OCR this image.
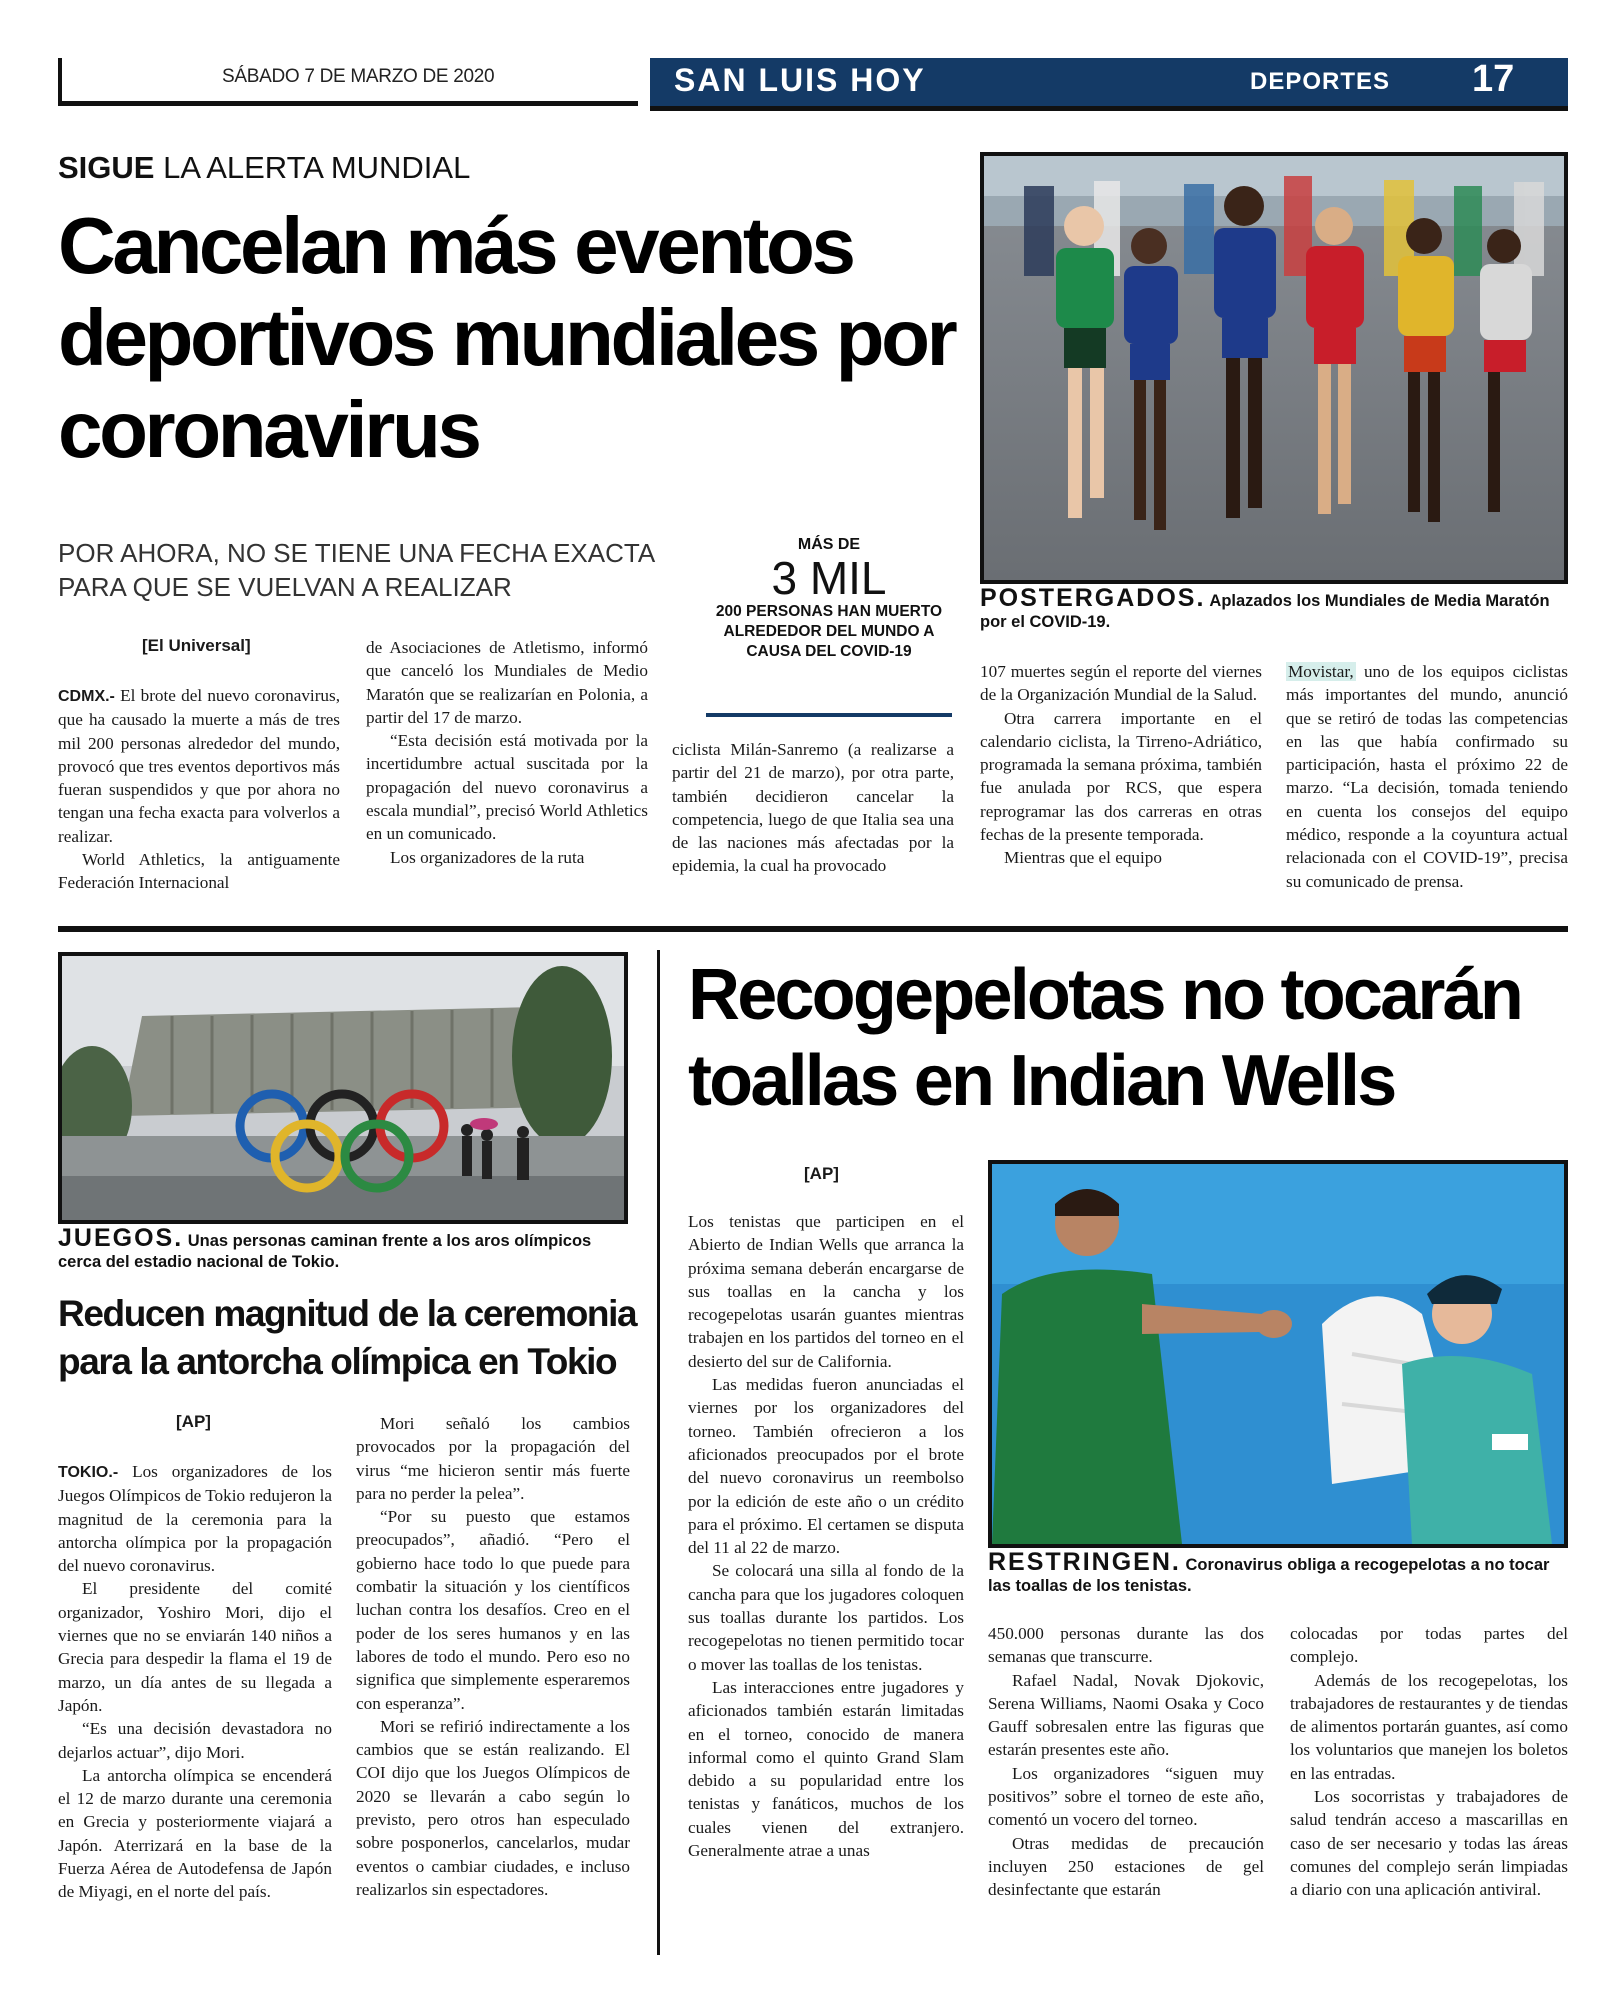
SÁBADO 7 DE MARZO DE 2020	SAN LUIS HOY	DEPORTES 17
SIGUE LA ALERTA MUNDIAL
Cancelan más eventos deportivos mundiales por coronavirus
POR AHORA, NO SE TIENE UNA FECHA EXACTA PARA QUE SE VUELVAN A REALIZAR
MÁS DE
3 MIL
200 PERSONAS HAN MUERTO ALREDEDOR DEL MUNDO A CAUSA DEL COVID-19
POSTERGADOS. Aplazados los Mundiales de Media Maratón por el COVID-19.
[El Universal]

CDMX.- El brote del nuevo coronavirus, que ha causado la muerte a más de tres mil 200 personas alrededor del mundo, provocó que tres eventos deportivos más fueran suspendidos y que por ahora no tengan una fecha exacta para volverlos a realizar.

World Athletics, la antiguamente Federación Internacional

de Asociaciones de Atletismo, informó que canceló los Mundiales de Medio Maratón que se realizarían en Polonia, a partir del 17 de marzo.

“Esta decisión está motivada por la incertidumbre actual suscitada por la propagación del nuevo coronavirus a escala mundial”, precisó World Athletics en un comunicado.

Los organizadores de la ruta

ciclista Milán-Sanremo (a realizarse a partir del 21 de marzo), por otra parte, también decidieron cancelar la competencia, luego de que Italia sea una de las naciones más afectadas por la epidemia, la cual ha provocado

107 muertes según el reporte del viernes de la Organización Mundial de la Salud.

Otra carrera importante en el calendario ciclista, la Tirreno-Adriático, programada la semana próxima, también fue anulada por RCS, que espera reprogramar las dos carreras en otras fechas de la presente temporada.

Mientras que el equipo

Movistar, uno de los equipos ciclistas más importantes del mundo, anunció que se retiró de todas las competencias en las que había confirmado su participación, hasta el próximo 22 de marzo. “La decisión, tomada teniendo en cuenta los consejos del equipo médico, responde a la coyuntura actual relacionada con el COVID-19”, precisa su comunicado de prensa.

JUEGOS. Unas personas caminan frente a los aros olímpicos cerca del estadio nacional de Tokio.
Reducen magnitud de la ceremonia para la antorcha olímpica en Tokio
[AP]

TOKIO.- Los organizadores de los Juegos Olímpicos de Tokio redujeron la magnitud de la ceremonia para la antorcha olímpica por la propagación del nuevo coronavirus.

El presidente del comité organizador, Yoshiro Mori, dijo el viernes que no se enviarán 140 niños a Grecia para despedir la flama el 19 de marzo, un día antes de su llegada a Japón.

“Es una decisión devastadora no dejarlos actuar”, dijo Mori.

La antorcha olímpica se encenderá el 12 de marzo durante una ceremonia en Grecia y posteriormente viajará a Japón. Aterrizará en la base de la Fuerza Aérea de Autodefensa de Japón de Miyagi, en el norte del país.

Mori señaló los cambios provocados por la propagación del virus “me hicieron sentir más fuerte para no perder la pelea”.

“Por su puesto que estamos preocupados”, añadió. “Pero el gobierno hace todo lo que puede para combatir la situación y los científicos luchan contra los desafíos. Creo en el poder de los seres humanos y en las labores de todo el mundo. Pero eso no significa que simplemente esperaremos con esperanza”.

Mori se refirió indirectamente a los cambios que se están realizando. El COI dijo que los Juegos Olímpicos de 2020 se llevarán a cabo según lo previsto, pero otros han especulado sobre posponerlos, cancelarlos, mudar eventos o cambiar ciudades, e incluso realizarlos sin espectadores.

Recogepelotas no tocarán toallas en Indian Wells
[AP]
RESTRINGEN. Coronavirus obliga a recogepelotas a no tocar las toallas de los tenistas.

Los tenistas que participen en el Abierto de Indian Wells que arranca la próxima semana deberán encargarse de sus toallas en la cancha y los recogepelotas usarán guantes mientras trabajen en los partidos del torneo en el desierto del sur de California.

Las medidas fueron anunciadas el viernes por los organizadores del torneo. También ofrecieron a los aficionados preocupados por el brote del nuevo coronavirus un reembolso por la edición de este año o un crédito para el próximo. El certamen se disputa del 11 al 22 de marzo.

Se colocará una silla al fondo de la cancha para que los jugadores coloquen sus toallas durante los partidos. Los recogepelotas no tienen permitido tocar o mover las toallas de los tenistas.

Las interacciones entre jugadores y aficionados también estarán limitadas en el torneo, conocido de manera informal como el quinto Grand Slam debido a su popularidad entre los tenistas y fanáticos, muchos de los cuales vienen del extranjero. Generalmente atrae a unas

450.000 personas durante las dos semanas que transcurre.

Rafael Nadal, Novak Djokovic, Serena Williams, Naomi Osaka y Coco Gauff sobresalen entre las figuras que estarán presentes este año.

Los organizadores “siguen muy positivos” sobre el torneo de este año, comentó un vocero del torneo.

Otras medidas de precaución incluyen 250 estaciones de gel desinfectante que estarán

colocadas por todas partes del complejo.

Además de los recogepelotas, los trabajadores de restaurantes y de tiendas de alimentos portarán guantes, así como los voluntarios que manejen los boletos en las entradas.

Los socorristas y trabajadores de salud tendrán acceso a mascarillas en caso de ser necesario y todas las áreas comunes del complejo serán limpiadas a diario con una aplicación antiviral.
